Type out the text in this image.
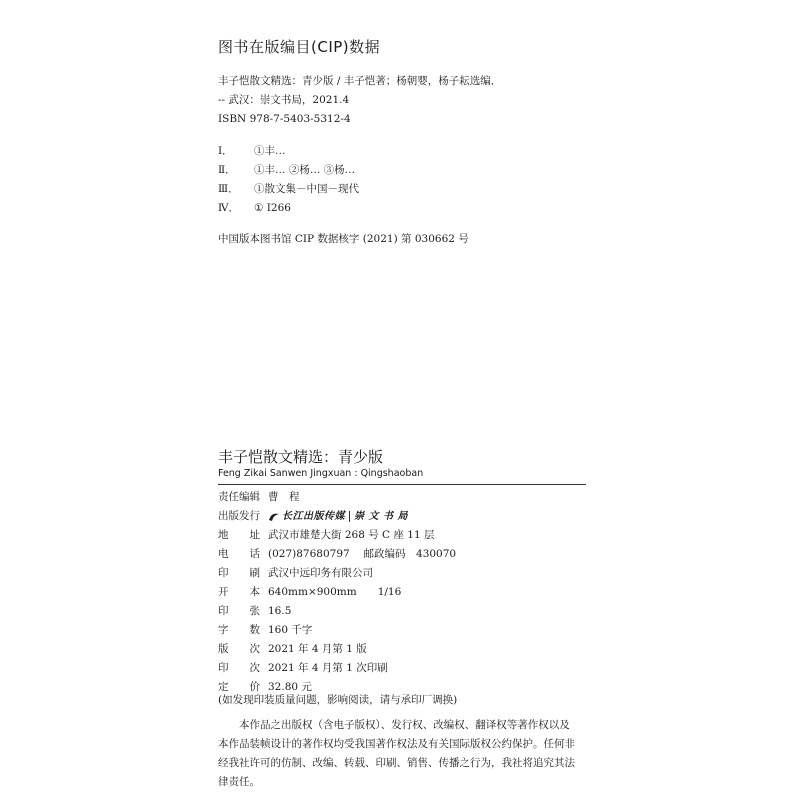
图书在版编目(CIP)数据
丰子恺散文精选：青少版 / 丰子恺著；杨朝婴，杨子耘选编．
-- 武汉：崇文书局，2021.4
ISBN 978-7-5403-5312-4
Ⅰ． ①丰…
Ⅱ． ①丰… ②杨… ③杨…
Ⅲ． ①散文集－中国－现代
Ⅳ． ① I266
中国版本图书馆 CIP 数据核字 (2021) 第 030662 号
丰子恺散文精选：青少版
Feng Zikai Sanwen Jingxuan : Qingshaoban
责任编辑 曹　程
出版发行	长江出版传媒 崇 文 书 局
地　　址 武汉市雄楚大街 268 号 C 座 11 层
电　　话 (027)87680797　 邮政编码　430070
印　　刷 武汉中远印务有限公司
开　　本 640mm×900mm　　1/16
印　　张 16.5
字　　数 160 千字
版　　次 2021 年 4 月第 1 版
印　　次 2021 年 4 月第 1 次印刷
定　　价 32.80 元
(如发现印装质量问题，影响阅读，请与承印厂调换)
本作品之出版权（含电子版权）、发行权、改编权、翻译权等著作权以及
本作品装帧设计的著作权均受我国著作权法及有关国际版权公约保护。任何非
经我社许可的仿制、改编、转载、印刷、销售、传播之行为，我社将追究其法
律责任。
